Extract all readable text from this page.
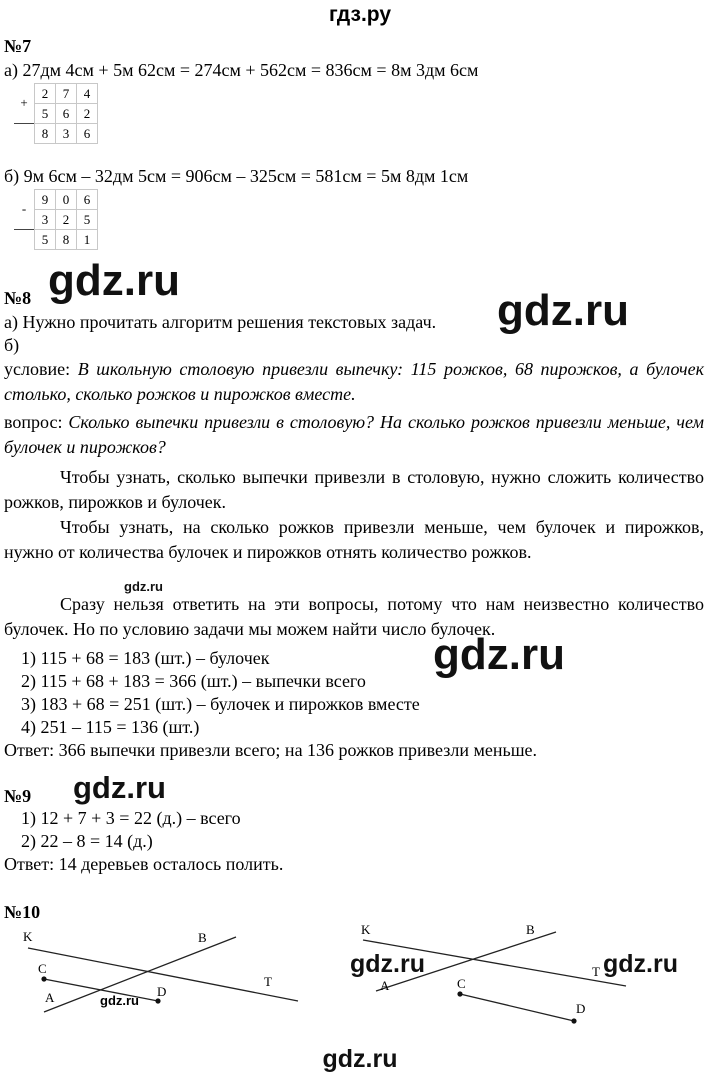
гдз.ру
№7
а) 27дм 4см + 5м 62см = 274см + 562см = 836см = 8м 3дм 6см
+	2	7	4
	5	6	2
	8	3	6
б) 9м 6см – 32дм 5см = 906см – 325см = 581см = 5м 8дм 1см
-	9	0	6
	3	2	5
	5	8	1
gdz.ru
gdz.ru
№8
а) Нужно прочитать алгоритм решения текстовых задач.
б)
условие: В школьную столовую привезли выпечку: 115 рожков, 68 пирожков, а булочек столько, сколько рожков и пирожков вместе.
вопрос: Сколько выпечки привезли в столовую? На сколько рожков привезли меньше, чем булочек и пирожков?
Чтобы узнать, сколько выпечки привезли в столовую, нужно сложить количество рожков, пирожков и булочек.
Чтобы узнать, на сколько рожков привезли меньше, чем булочек и пирожков, нужно от количества булочек и пирожков отнять количество рожков.
gdz.ru
Сразу нельзя ответить на эти вопросы, потому что нам неизвестно количество булочек. Но по условию задачи мы можем найти число булочек.
gdz.ru
1) 115 + 68 = 183 (шт.) – булочек
2) 115 + 68 + 183 = 366 (шт.) – выпечки всего
3) 183 + 68 = 251 (шт.) – булочек и пирожков вместе
4) 251 – 115 = 136 (шт.)
Ответ: 366 выпечки привезли всего; на 136 рожков привезли меньше.
gdz.ru
№9
1) 12 + 7 + 3 = 22 (д.) – всего
2) 22 – 8 = 14 (д.)
Ответ: 14 деревьев осталось полить.
№10
K	B
C
T
A	D
gdz.ru
K	B
T
A	C
D
gdz.ru	gdz.ru
gdz.ru
